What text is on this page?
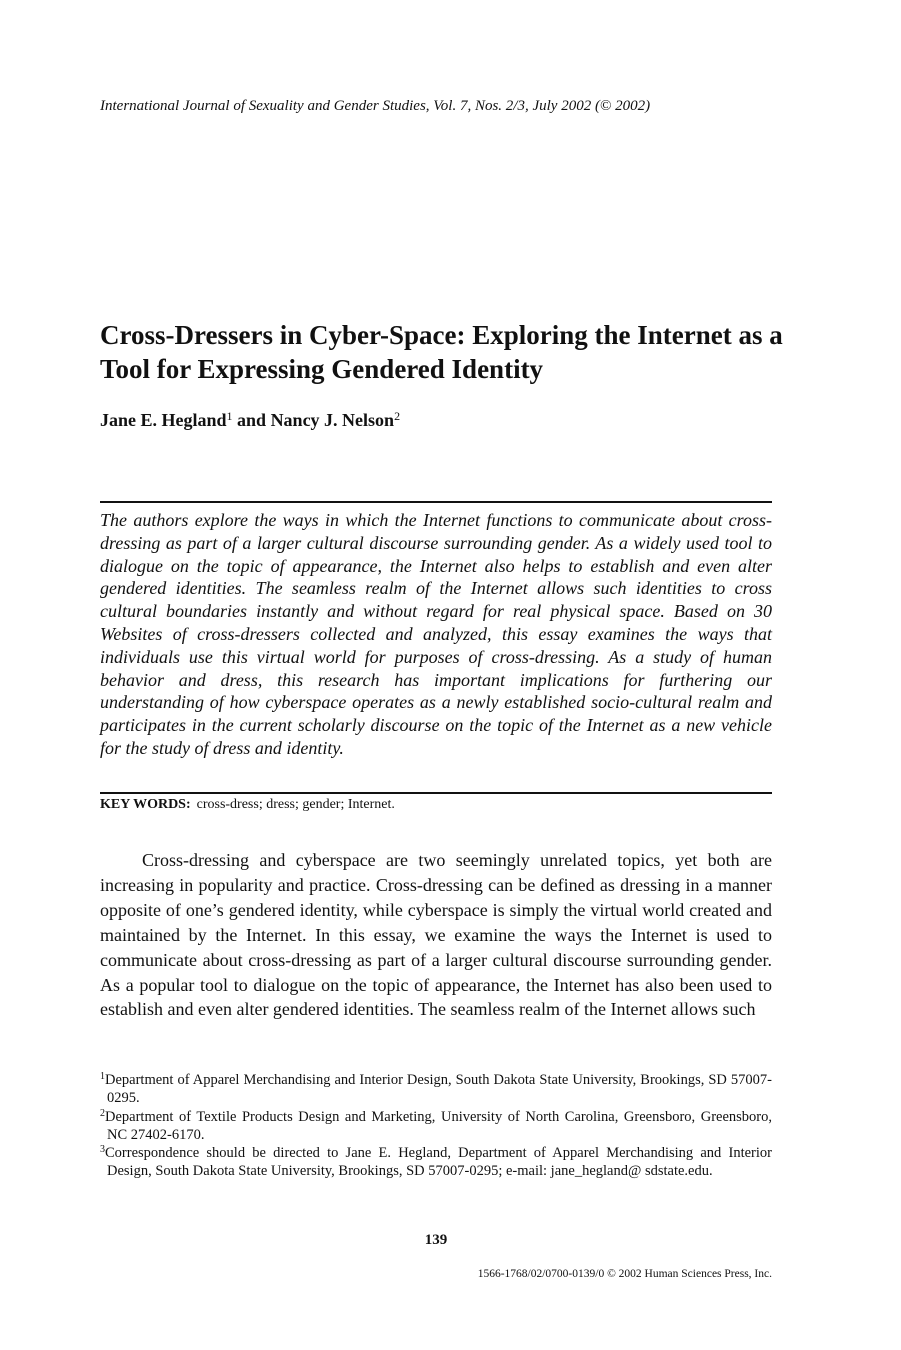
International Journal of Sexuality and Gender Studies, Vol. 7, Nos. 2/3, July 2002 (© 2002)
Cross-Dressers in Cyber-Space: Exploring the Internet as a Tool for Expressing Gendered Identity
Jane E. Hegland$^1$ and Nancy J. Nelson$^2$

The authors explore the ways in which the Internet functions to communicate about cross-dressing as part of a larger cultural discourse surrounding gender. As a widely used tool to dialogue on the topic of appearance, the Internet also helps to establish and even alter gendered identities. The seamless realm of the Internet allows such identities to cross cultural boundaries instantly and without regard for real physical space. Based on 30 Websites of cross-dressers collected and analyzed, this essay examines the ways that individuals use this virtual world for purposes of cross-dressing. As a study of human behavior and dress, this research has important implications for furthering our understanding of how cyberspace operates as a newly established socio-cultural realm and participates in the current scholarly discourse on the topic of the Internet as a new vehicle for the study of dress and identity.

KEY WORDS: cross-dress; dress; gender; Internet.

Cross-dressing and cyberspace are two seemingly unrelated topics, yet both are increasing in popularity and practice. Cross-dressing can be defined as dressing in a manner opposite of one’s gendered identity, while cyberspace is simply the virtual world created and maintained by the Internet. In this essay, we examine the ways the Internet is used to communicate about cross-dressing as part of a larger cultural discourse surrounding gender. As a popular tool to dialogue on the topic of appearance, the Internet has also been used to establish and even alter gendered identities. The seamless realm of the Internet allows such

$^1$Department of Apparel Merchandising and Interior Design, South Dakota State University, Brookings, SD 57007-0295.

$^2$Department of Textile Products Design and Marketing, University of North Carolina, Greensboro, Greensboro, NC 27402-6170.

$^3$Correspondence should be directed to Jane E. Hegland, Department of Apparel Merchandising and Interior Design, South Dakota State University, Brookings, SD 57007-0295; e-mail: jane_hegland@ sdstate.edu.

139
1566-1768/02/0700-0139/0 © 2002 Human Sciences Press, Inc.
